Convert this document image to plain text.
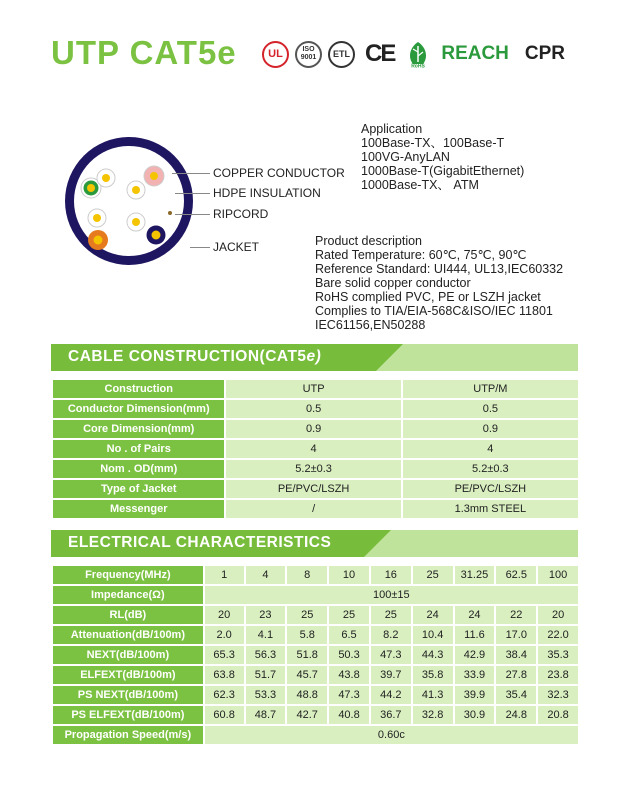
UTP CAT5e	UL	ISO 9001	ETL CE	RoHS
REACH CPR
COPPER CONDUCTOR
HDPE INSULATION
RIPCORD
JACKET
Application
100Base-TX、100Base-T
100VG-AnyLAN
1000Base-T(GigabitEthernet)
1000Base-TX、 ATM
Product description
Rated Temperature: 60℃, 75℃, 90℃
Reference Standard: UI444, UL13,IEC60332
Bare solid copper conductor
RoHS complied PVC, PE or LSZH jacket
Complies to TIA/EIA-568C&ISO/IEC 11801
IEC61156,EN50288
CABLE CONSTRUCTION(CAT5e)
Construction	UTP	UTP/M
Conductor Dimension(mm)	0.5	0.5
Core Dimension(mm)	0.9	0.9
No . of Pairs	4	4
Nom . OD(mm)	5.2±0.3	5.2±0.3
Type of Jacket	PE/PVC/LSZH	PE/PVC/LSZH
Messenger	/	1.3mm STEEL
ELECTRICAL CHARACTERISTICS
Frequency(MHz)	1	4	8	10	16	25	31.25	62.5	100
Impedance(Ω)	100±15								
RL(dB)	20	23	25	25	25	24	24	22	20
Attenuation(dB/100m)	2.0	4.1	5.8	6.5	8.2	10.4	11.6	17.0	22.0
NEXT(dB/100m)	65.3	56.3	51.8	50.3	47.3	44.3	42.9	38.4	35.3
ELFEXT(dB/100m)	63.8	51.7	45.7	43.8	39.7	35.8	33.9	27.8	23.8
PS NEXT(dB/100m)	62.3	53.3	48.8	47.3	44.2	41.3	39.9	35.4	32.3
PS ELFEXT(dB/100m)	60.8	48.7	42.7	40.8	36.7	32.8	30.9	24.8	20.8
Propagation Speed(m/s)	0.60c								
